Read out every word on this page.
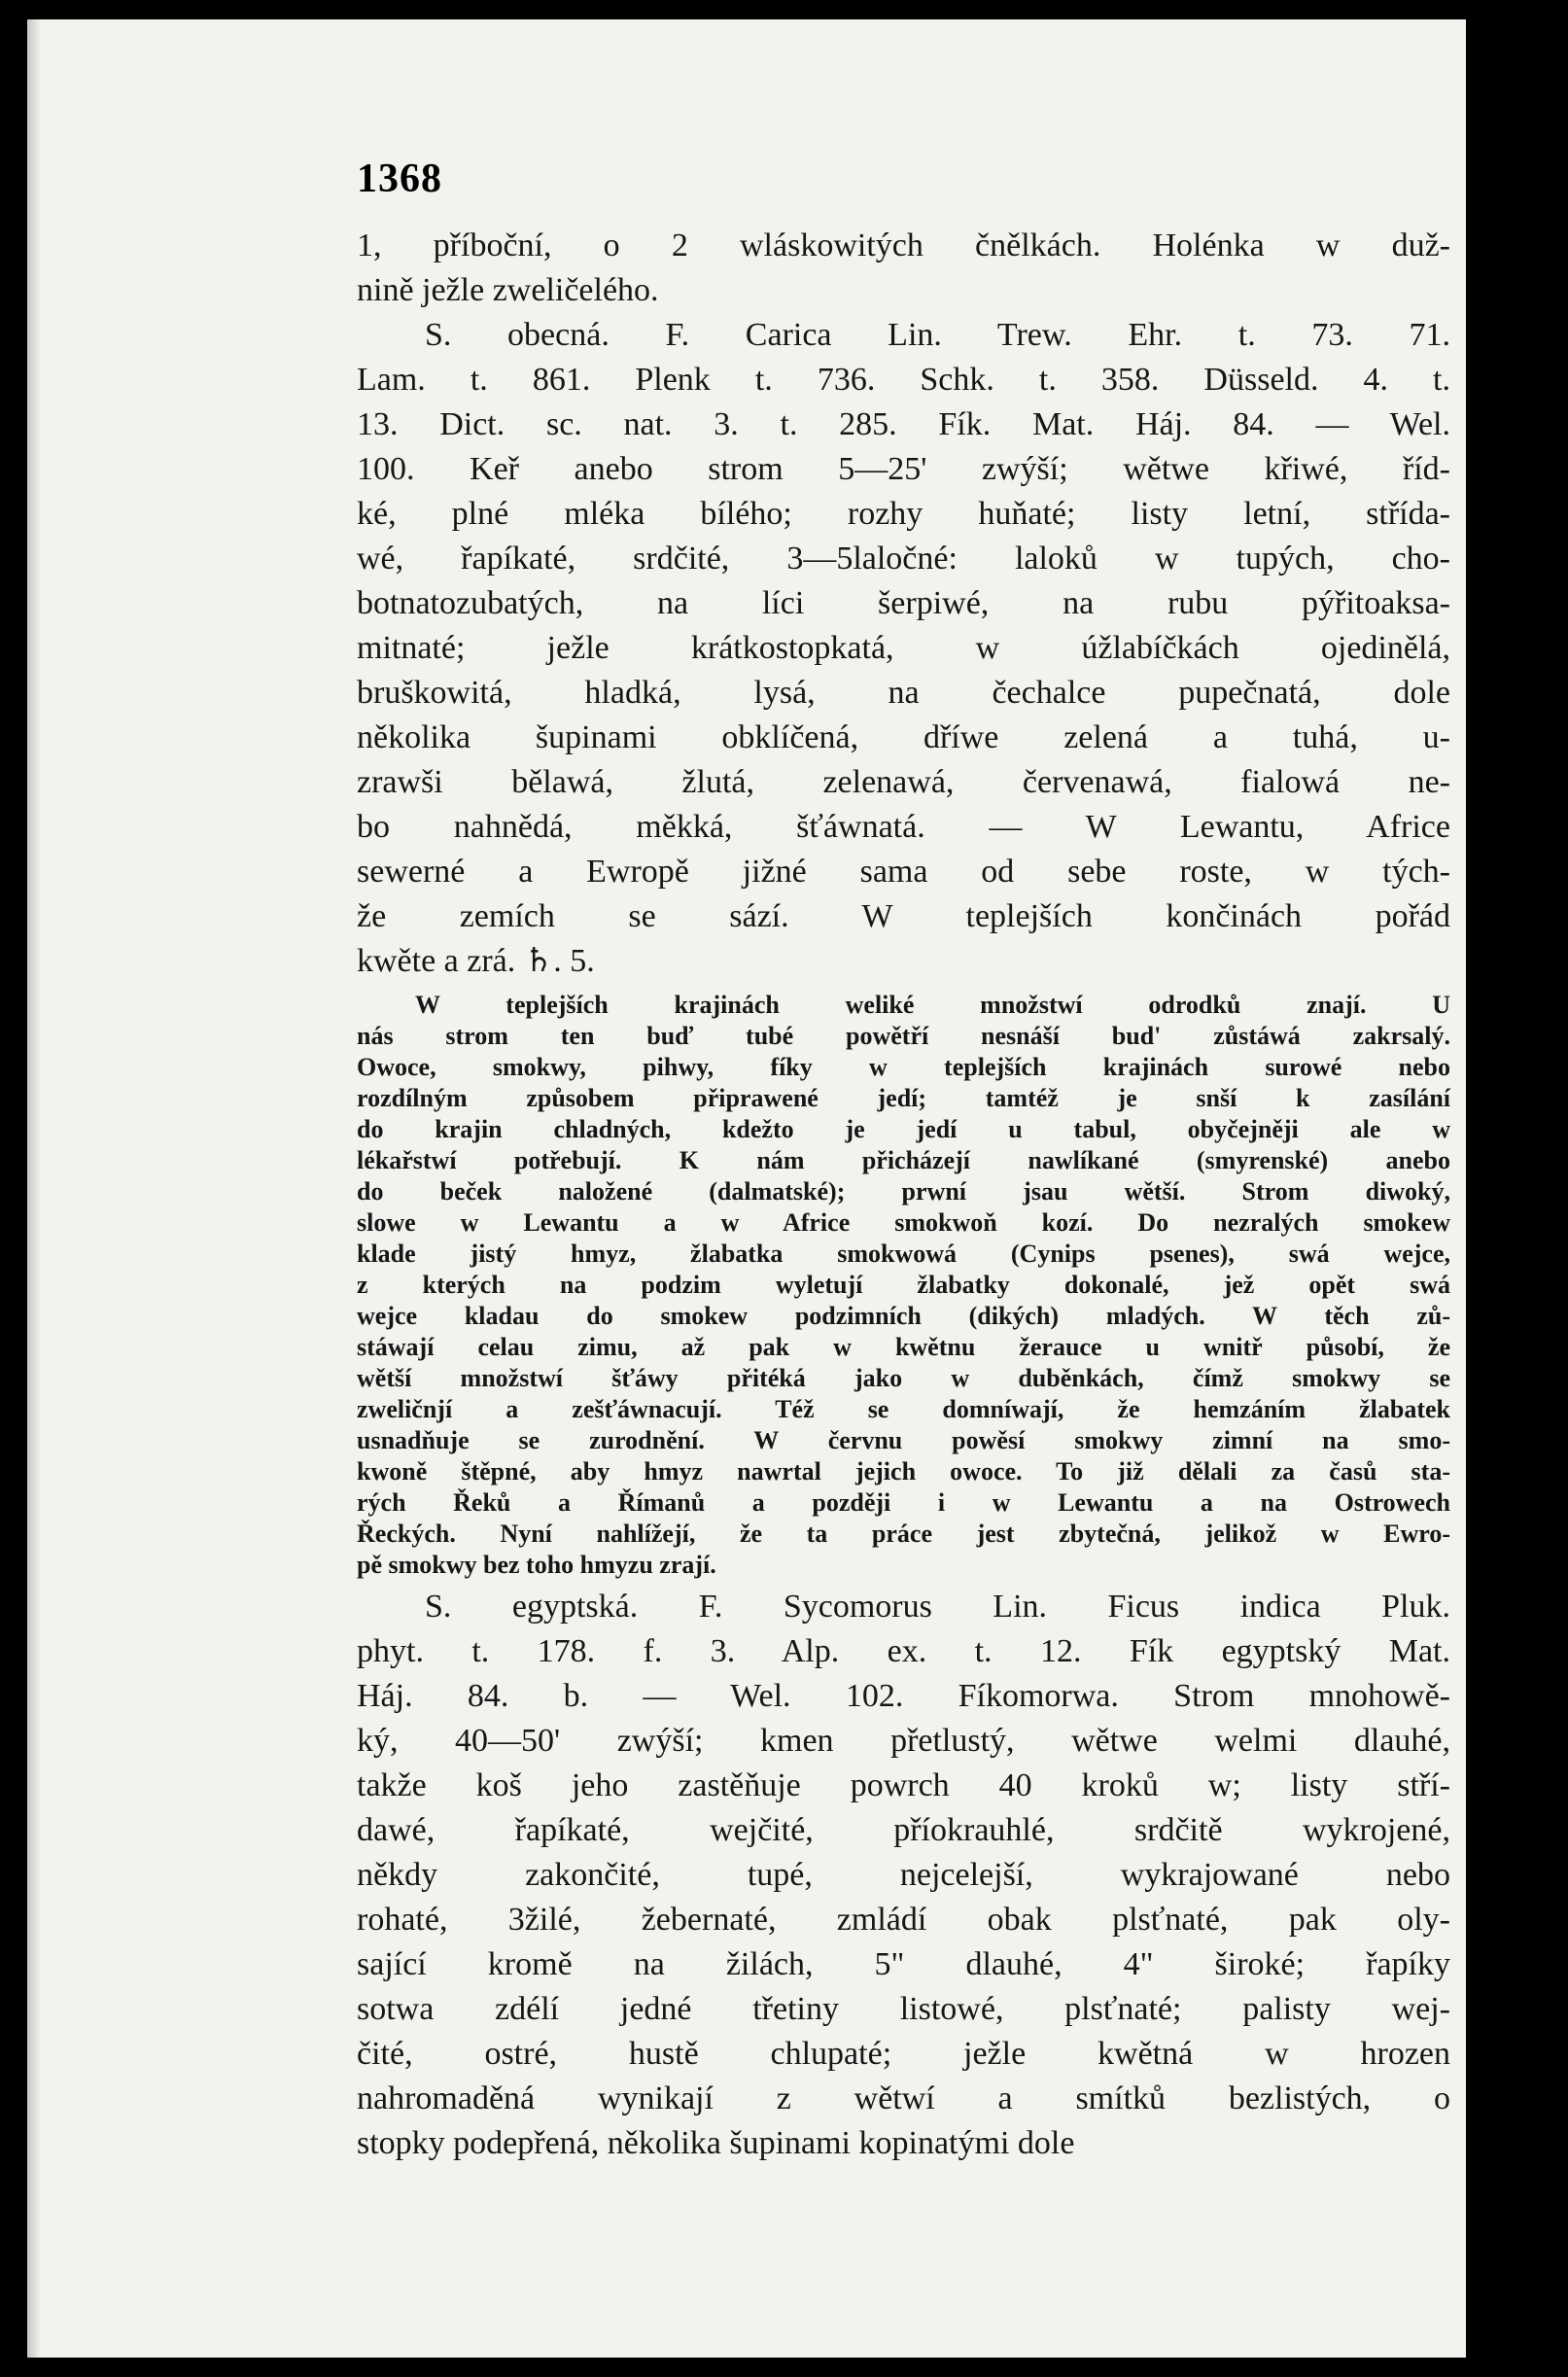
1368
1, příboční, o 2 wláskowitých čnělkách. Holénka w duž-
nině ježle zweličelého.
S. obecná. F. Carica Lin. Trew. Ehr. t. 73. 71.
Lam. t. 861. Plenk t. 736. Schk. t. 358. Düsseld. 4. t.
13. Dict. sc. nat. 3. t. 285. Fík. Mat. Háj. 84. — Wel.
100. Keř anebo strom 5—25' zwýší; wětwe křiwé, říd-
ké, plné mléka bílého; rozhy huňaté; listy letní, střída-
wé, řapíkaté, srdčité, 3—5laločné: laloků w tupých, cho-
botnatozubatých, na líci šerpiwé, na rubu pýřitoaksa-
mitnaté; ježle krátkostopkatá, w úžlabíčkách ojedinělá,
bruškowitá, hladká, lysá, na čechalce pupečnatá, dole
několika šupinami obklíčená, dříwe zelená a tuhá, u-
zrawši bělawá, žlutá, zelenawá, červenawá, fialowá ne-
bo nahnědá, měkká, šťáwnatá. — W Lewantu, Africe
sewerné a Ewropě jižné sama od sebe roste, w tých-
že zemích se sází. W teplejších končinách pořád
kwěte a zrá. ♄. 5.
W teplejších krajinách weliké množstwí odrodků znají. U
nás strom ten buď tubé powětří nesnáší bud' zůstáwá zakrsalý.
Owoce, smokwy, pihwy, fíky w teplejších krajinách surowé nebo
rozdílným způsobem připrawené jedí; tamtéž je snší k zasílání
do krajin chladných, kdežto je jedí u tabul, obyčejněji ale w
lékařstwí potřebují. K nám přicházejí nawlíkané (smyrenské) anebo
do beček naložené (dalmatské); prwní jsau wětší. Strom diwoký,
slowe w Lewantu a w Africe smokwoň kozí. Do nezralých smokew
klade jistý hmyz, žlabatka smokwowá (Cynips psenes), swá wejce,
z kterých na podzim wyletují žlabatky dokonalé, jež opět swá
wejce kladau do smokew podzimních (dikých) mladých. W těch zů-
stáwají celau zimu, až pak w kwětnu žerauce u wnitř působí, že
wětší množstwí šťáwy přitéká jako w duběnkách, čímž smokwy se
zweličnjí a zešťáwnacují. Též se domníwají, že hemzáním žlabatek
usnadňuje se zurodnění. W červnu powěsí smokwy zimní na smo-
kwoně štěpné, aby hmyz nawrtal jejich owoce. To již dělali za časů sta-
rých Řeků a Římanů a později i w Lewantu a na Ostrowech
Řeckých. Nyní nahlížejí, že ta práce jest zbytečná, jelikož w Ewro-
pě smokwy bez toho hmyzu zrají.
S. egyptská. F. Sycomorus Lin. Ficus indica Pluk.
phyt. t. 178. f. 3. Alp. ex. t. 12. Fík egyptský Mat.
Háj. 84. b. — Wel. 102. Fíkomorwa. Strom mnohowě-
ký, 40—50' zwýší; kmen přetlustý, wětwe welmi dlauhé,
takže koš jeho zastěňuje powrch 40 kroků w; listy stří-
dawé, řapíkaté, wejčité, příokrauhlé, srdčitě wykrojené,
někdy zakončité, tupé, nejcelejší, wykrajowané nebo
rohaté, 3žilé, žebernaté, zmládí obak plsťnaté, pak oly-
sající kromě na žilách, 5" dlauhé, 4" široké; řapíky
sotwa zdélí jedné třetiny listowé, plsťnaté; palisty wej-
čité, ostré, hustě chlupaté; ježle kwětná w hrozen
nahromaděná wynikají z wětwí a smítků bezlistých, o
stopky podepřená, několika šupinami kopinatými dole
